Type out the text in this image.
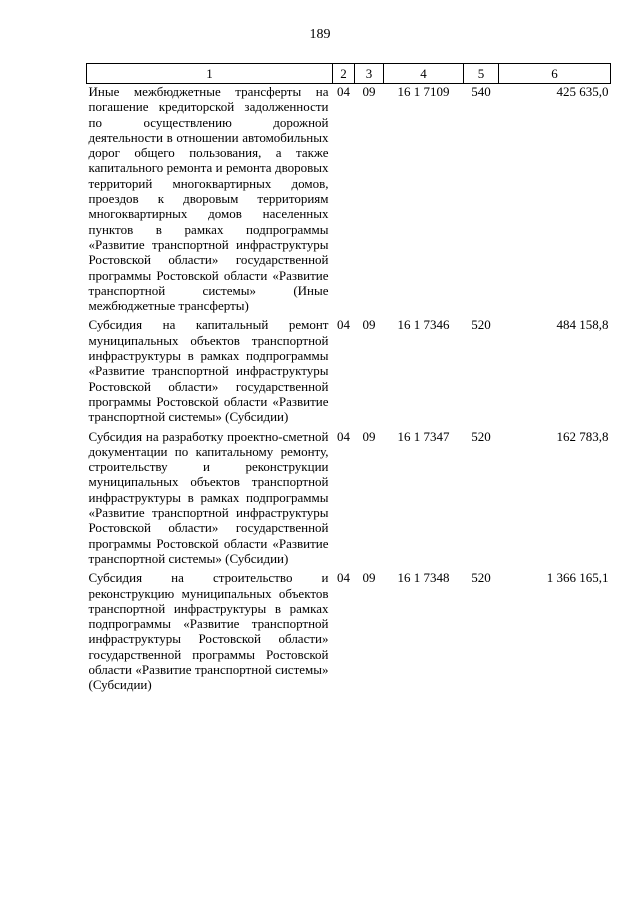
189
1	2	3	4	5	6
Иные межбюджетные трансферты на погашение кредиторской задолженности по осуществлению дорожной деятельности в отношении автомобильных дорог общего пользования, а также капитального ремонта и ремонта дворовых территорий многоквартирных домов, проездов к дворовым территориям многоквартирных домов населенных пунктов в рамках подпрограммы «Развитие транспортной инфраструктуры Ростовской области» государственной программы Ростовской области «Развитие транспортной системы» (Иные межбюджетные трансферты)	04	09	16 1 7109	540	425 635,0
Субсидия на капитальный ремонт муниципальных объектов транспортной инфраструктуры в рамках подпрограммы «Развитие транспортной инфраструктуры Ростовской области» государственной программы Ростовской области «Развитие транспортной системы» (Субсидии)	04	09	16 1 7346	520	484 158,8
Субсидия на разработку проектно-сметной документации по капитальному ремонту, строительству и реконструкции муниципальных объектов транспортной инфраструктуры в рамках подпрограммы «Развитие транспортной инфраструктуры Ростовской области» государственной программы Ростовской области «Развитие транспортной системы» (Субсидии)	04	09	16 1 7347	520	162 783,8
Субсидия на строительство и реконструкцию муниципальных объектов транспортной инфраструктуры в рамках подпрограммы «Развитие транспортной инфраструктуры Ростовской области» государственной программы Ростовской области «Развитие транспортной системы» (Субсидии)	04	09	16 1 7348	520	1 366 165,1
